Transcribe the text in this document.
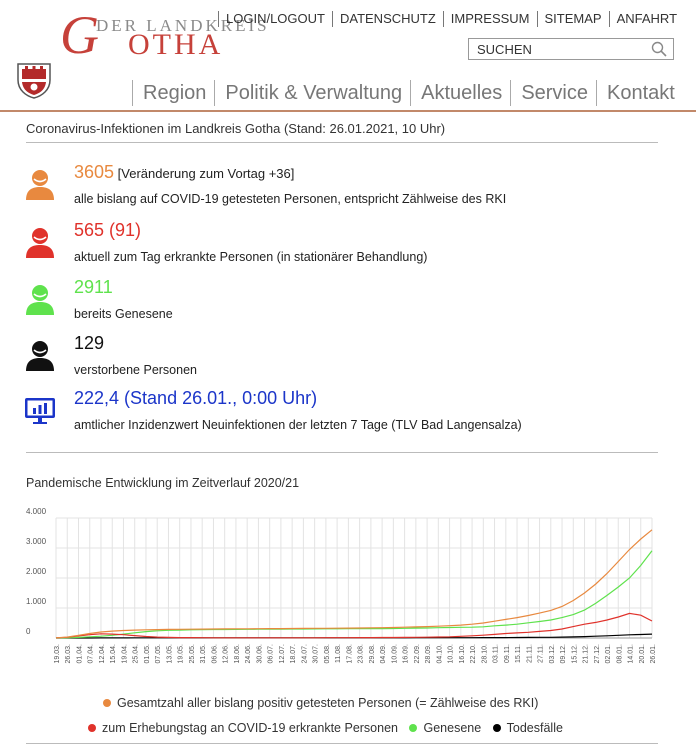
DER LANDKREIS
G OTHA
LOGIN/LOGOUT	DATENSCHUTZ	IMPRESSUM	SITEMAP	ANFAHRT
SUCHEN
Region Politik & Verwaltung Aktuelles Service Kontakt
Coronavirus-Infektionen im Landkreis Gotha (Stand: 26.01.2021, 10 Uhr)
3605 [Veränderung zum Vortag +36]
alle bislang auf COVID-19 getesteten Personen, entspricht Zählweise des RKI
565 (91)
aktuell zum Tag erkrankte Personen (in stationärer Behandlung)
2911
bereits Genesene
129
verstorbene Personen
222,4 (Stand 26.01., 0:00 Uhr)
amtlicher Inzidenzwert Neuinfektionen der letzten 7 Tage (TLV Bad Langensalza)
Pandemische Entwicklung im Zeitverlauf 2020/21
4.000
3.000
2.000
1.000
0
19.03. 26.03. 01.04. 07.04. 12.04. 15.04. 19.04. 25.04. 01.05. 07.05. 13.05. 19.05. 25.05. 31.05. 06.06. 12.06. 18.06. 24.06. 30.06. 06.07. 12.07. 18.07. 24.07. 30.07. 05.08. 11.08. 17.08. 23.08. 29.08. 04.09. 10.09. 16.09. 22.09. 28.09. 04.10. 10.10. 16.10. 22.10. 28.10. 03.11. 09.11. 15.11. 21.11. 27.11. 03.12. 09.12. 15.12. 21.12. 27.12. 02.01. 08.01. 14.01. 20.01. 26.01.
Gesamtzahl aller bislang positiv getesteten Personen (= Zählweise des RKI)
zum Erhebungstag an COVID-19 erkrankte Personen
Genesene
Todesfälle
